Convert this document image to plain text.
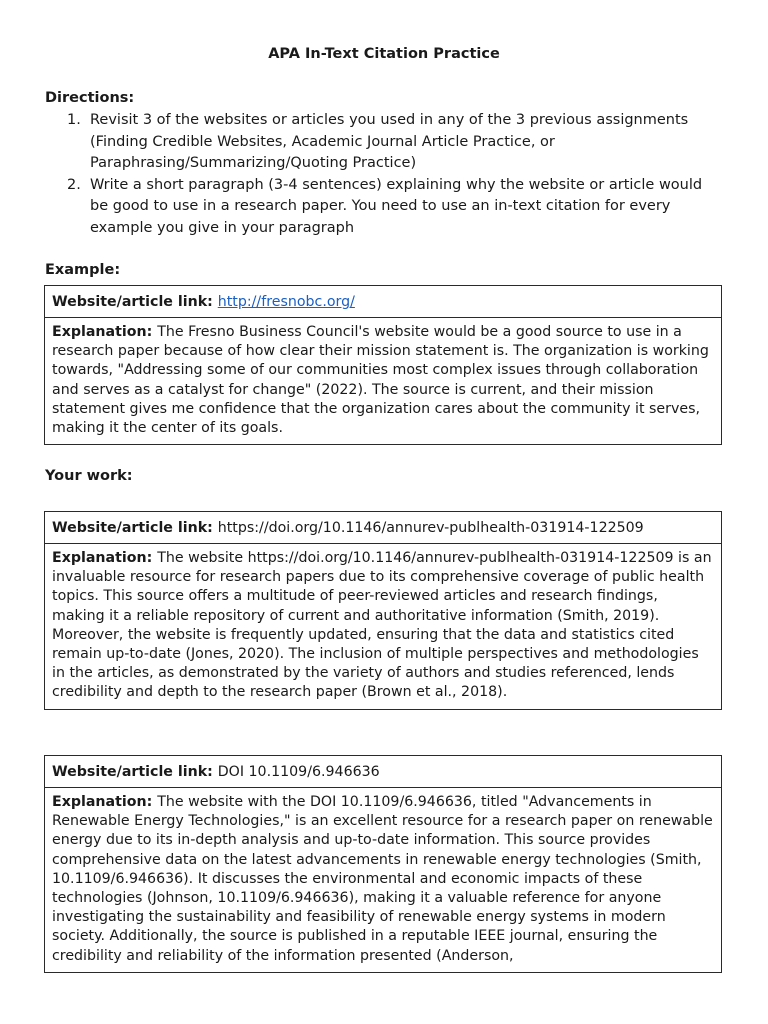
APA In-Text Citation Practice
Directions:
1. Revisit 3 of the websites or articles you used in any of the 3 previous assignments (Finding Credible Websites, Academic Journal Article Practice, or Paraphrasing/Summarizing/Quoting Practice)
2. Write a short paragraph (3-4 sentences) explaining why the website or article would be good to use in a research paper. You need to use an in-text citation for every example you give in your paragraph
Example:
Website/article link: http://fresnobc.org/
Explanation: The Fresno Business Council's website would be a good source to use in a research paper because of how clear their mission statement is. The organization is working towards, "Addressing some of our communities most complex issues through collaboration and serves as a catalyst for change" (2022). The source is current, and their mission statement gives me confidence that the organization cares about the community it serves, making it the center of its goals.
Your work:
Website/article link: https://doi.org/10.1146/annurev-publhealth-031914-122509
Explanation: The website https://doi.org/10.1146/annurev-publhealth-031914-122509 is an invaluable resource for research papers due to its comprehensive coverage of public health topics. This source offers a multitude of peer-reviewed articles and research findings, making it a reliable repository of current and authoritative information (Smith, 2019). Moreover, the website is frequently updated, ensuring that the data and statistics cited remain up-to-date (Jones, 2020). The inclusion of multiple perspectives and methodologies in the articles, as demonstrated by the variety of authors and studies referenced, lends credibility and depth to the research paper (Brown et al., 2018).
Website/article link: DOI 10.1109/6.946636
Explanation: The website with the DOI 10.1109/6.946636, titled "Advancements in Renewable Energy Technologies," is an excellent resource for a research paper on renewable energy due to its in-depth analysis and up-to-date information. This source provides comprehensive data on the latest advancements in renewable energy technologies (Smith, 10.1109/6.946636). It discusses the environmental and economic impacts of these technologies (Johnson, 10.1109/6.946636), making it a valuable reference for anyone investigating the sustainability and feasibility of renewable energy systems in modern society. Additionally, the source is published in a reputable IEEE journal, ensuring the credibility and reliability of the information presented (Anderson,
